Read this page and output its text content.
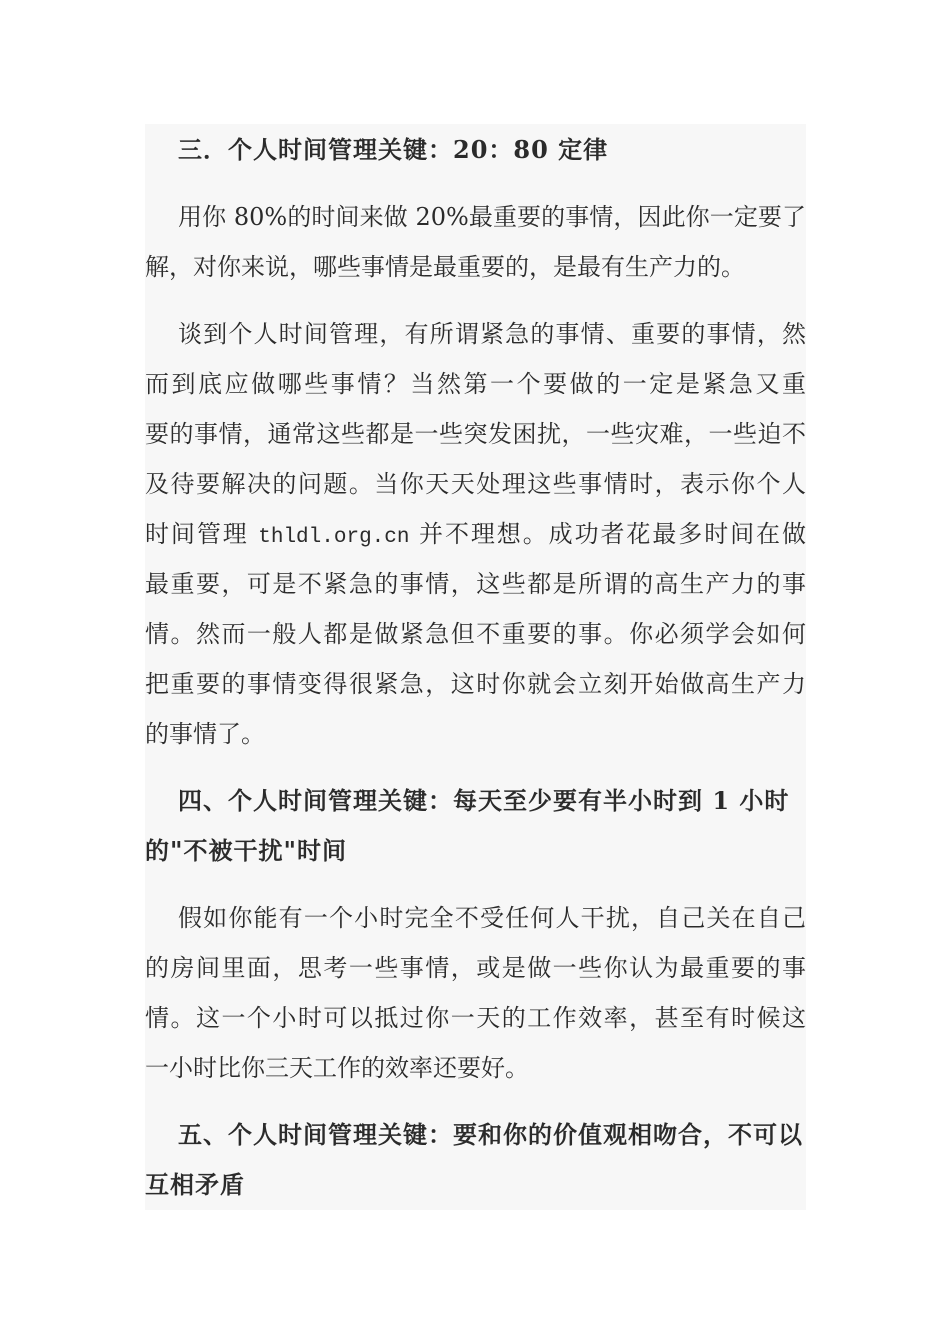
三．个人时间管理关键：20：80 定律
用你 80%的时间来做 20%最重要的事情，因此你一定要了
解，对你来说，哪些事情是最重要的，是最有生产力的。
谈到个人时间管理，有所谓紧急的事情、重要的事情，然
而到底应做哪些事情？当然第一个要做的一定是紧急又重
要的事情，通常这些都是一些突发困扰，一些灾难，一些迫不
及待要解决的问题。当你天天处理这些事情时，表示你个人
时间管理 thldl.org.cn 并不理想。成功者花最多时间在做
最重要，可是不紧急的事情，这些都是所谓的高生产力的事
情。然而一般人都是做紧急但不重要的事。你必须学会如何
把重要的事情变得很紧急，这时你就会立刻开始做高生产力
的事情了。
四、个人时间管理关键：每天至少要有半小时到 1 小时
的"不被干扰"时间
假如你能有一个小时完全不受任何人干扰，自己关在自己
的房间里面，思考一些事情，或是做一些你认为最重要的事
情。这一个小时可以抵过你一天的工作效率，甚至有时候这
一小时比你三天工作的效率还要好。
五、个人时间管理关键：要和你的价值观相吻合，不可以
互相矛盾
